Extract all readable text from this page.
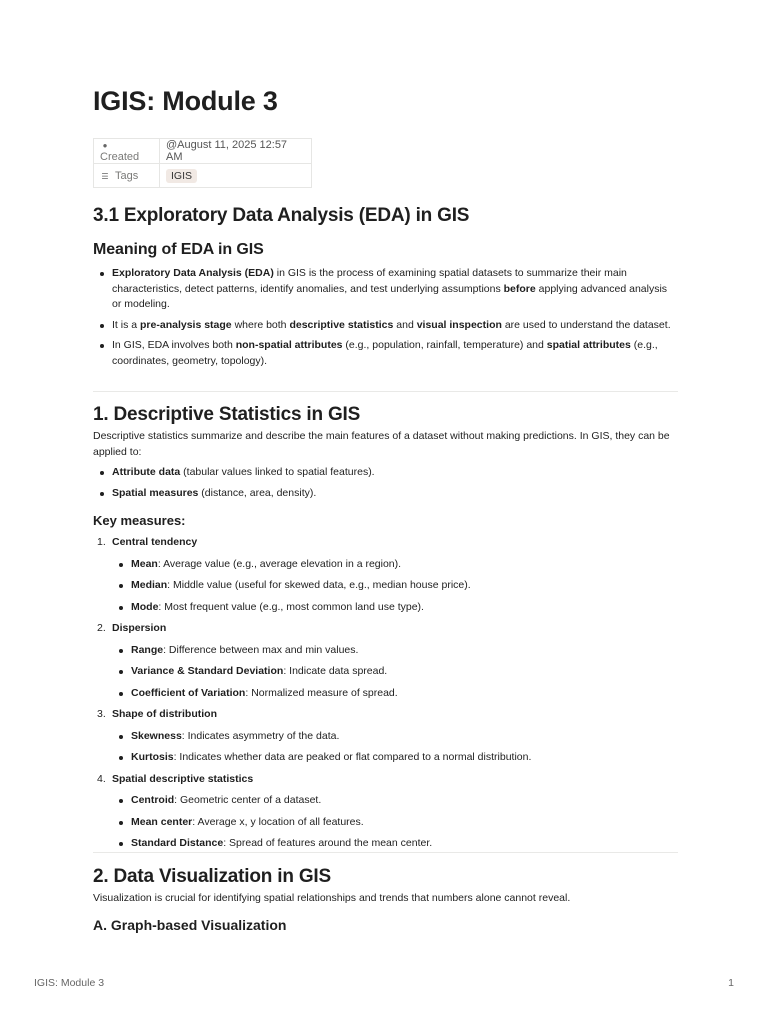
IGIS: Module 3
●Created	@August 11, 2025 12:57 AM
☰ Tags	IGIS
3.1 Exploratory Data Analysis (EDA) in GIS
Meaning of EDA in GIS
Exploratory Data Analysis (EDA) in GIS is the process of examining spatial datasets to summarize their main characteristics, detect patterns, identify anomalies, and test underlying assumptions before applying advanced analysis or modeling.
It is a pre-analysis stage where both descriptive statistics and visual inspection are used to understand the dataset.
In GIS, EDA involves both non-spatial attributes (e.g., population, rainfall, temperature) and spatial attributes (e.g., coordinates, geometry, topology).
1. Descriptive Statistics in GIS

Descriptive statistics summarize and describe the main features of a dataset without making predictions. In GIS, they can be applied to:

Attribute data (tabular values linked to spatial features).
Spatial measures (distance, area, density).
Key measures:
1. Central tendency
Mean: Average value (e.g., average elevation in a region).
Median: Middle value (useful for skewed data, e.g., median house price).
Mode: Most frequent value (e.g., most common land use type).
2. Dispersion
Range: Difference between max and min values.
Variance & Standard Deviation: Indicate data spread.
Coefficient of Variation: Normalized measure of spread.
3. Shape of distribution
Skewness: Indicates asymmetry of the data.
Kurtosis: Indicates whether data are peaked or flat compared to a normal distribution.
4. Spatial descriptive statistics
Centroid: Geometric center of a dataset.
Mean center: Average x, y location of all features.
Standard Distance: Spread of features around the mean center.
2. Data Visualization in GIS

Visualization is crucial for identifying spatial relationships and trends that numbers alone cannot reveal.

A. Graph-based Visualization
IGIS: Module 3	1
